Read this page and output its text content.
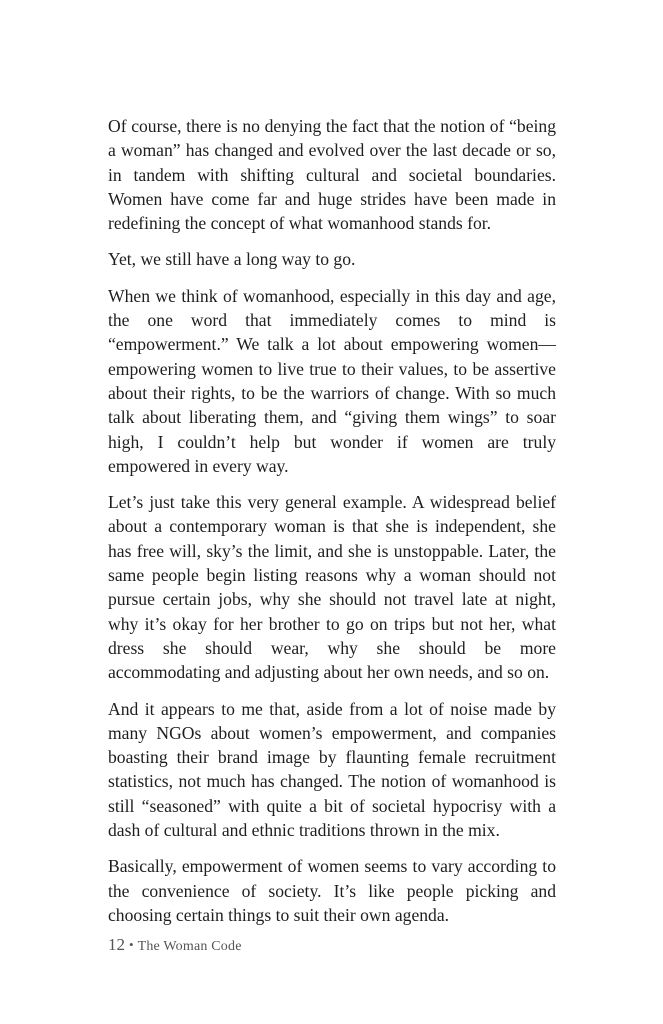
Of course, there is no denying the fact that the notion of “being a woman” has changed and evolved over the last decade or so, in tandem with shifting cultural and societal boundaries. Women have come far and huge strides have been made in redefining the concept of what womanhood stands for.

Yet, we still have a long way to go.

When we think of womanhood, especially in this day and age, the one word that immediately comes to mind is “empowerment.” We talk a lot about empowering women—empowering women to live true to their values, to be assertive about their rights, to be the warriors of change. With so much talk about liberating them, and “giving them wings” to soar high, I couldn’t help but wonder if women are truly empowered in every way.

Let’s just take this very general example. A widespread belief about a contemporary woman is that she is independent, she has free will, sky’s the limit, and she is unstoppable. Later, the same people begin listing reasons why a woman should not pursue certain jobs, why she should not travel late at night, why it’s okay for her brother to go on trips but not her, what dress she should wear, why she should be more accommodating and adjusting about her own needs, and so on.

And it appears to me that, aside from a lot of noise made by many NGOs about women’s empowerment, and companies boasting their brand image by flaunting female recruitment statistics, not much has changed. The notion of womanhood is still “seasoned” with quite a bit of societal hypocrisy with a dash of cultural and ethnic traditions thrown in the mix.

Basically, empowerment of women seems to vary according to the convenience of society. It’s like people picking and choosing certain things to suit their own agenda.

12 • The Woman Code
